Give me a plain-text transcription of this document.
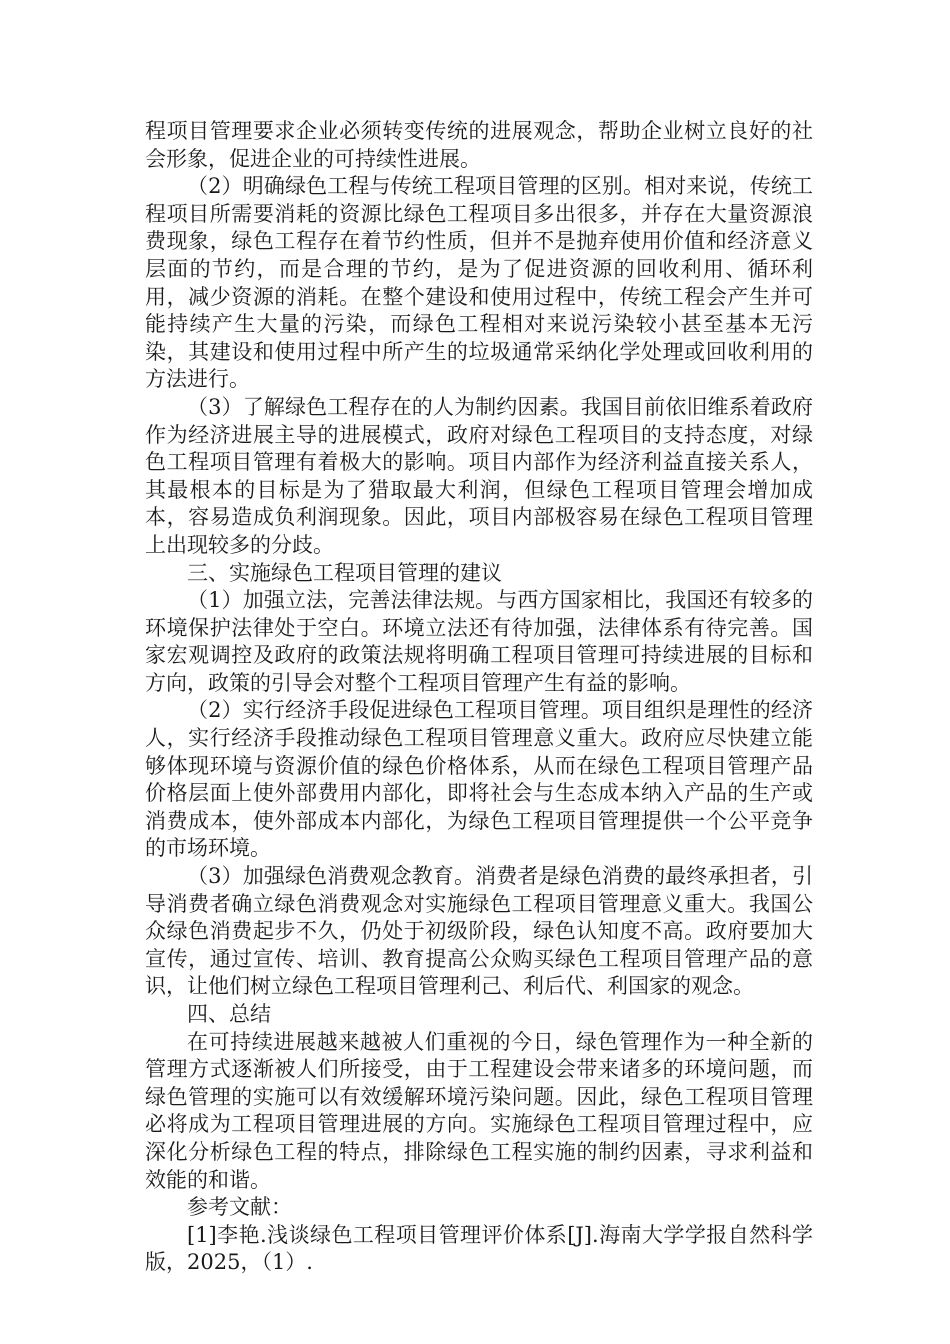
程项目管理要求企业必须转变传统的进展观念，帮助企业树立良好的社会形象，促进企业的可持续性进展。

（2）明确绿色工程与传统工程项目管理的区别。相对来说，传统工程项目所需要消耗的资源比绿色工程项目多出很多，并存在大量资源浪费现象，绿色工程存在着节约性质，但并不是抛弃使用价值和经济意义层面的节约，而是合理的节约，是为了促进资源的回收利用、循环利用，减少资源的消耗。在整个建设和使用过程中，传统工程会产生并可能持续产生大量的污染，而绿色工程相对来说污染较小甚至基本无污染，其建设和使用过程中所产生的垃圾通常采纳化学处理或回收利用的方法进行。

（3）了解绿色工程存在的人为制约因素。我国目前依旧维系着政府作为经济进展主导的进展模式，政府对绿色工程项目的支持态度，对绿色工程项目管理有着极大的影响。项目内部作为经济利益直接关系人，其最根本的目标是为了猎取最大利润，但绿色工程项目管理会增加成本，容易造成负利润现象。因此，项目内部极容易在绿色工程项目管理上出现较多的分歧。

三、实施绿色工程项目管理的建议

（1）加强立法，完善法律法规。与西方国家相比，我国还有较多的环境保护法律处于空白。环境立法还有待加强，法律体系有待完善。国家宏观调控及政府的政策法规将明确工程项目管理可持续进展的目标和方向，政策的引导会对整个工程项目管理产生有益的影响。

（2）实行经济手段促进绿色工程项目管理。项目组织是理性的经济人，实行经济手段推动绿色工程项目管理意义重大。政府应尽快建立能够体现环境与资源价值的绿色价格体系，从而在绿色工程项目管理产品价格层面上使外部费用内部化，即将社会与生态成本纳入产品的生产或消费成本，使外部成本内部化，为绿色工程项目管理提供一个公平竞争的市场环境。

（3）加强绿色消费观念教育。消费者是绿色消费的最终承担者，引导消费者确立绿色消费观念对实施绿色工程项目管理意义重大。我国公众绿色消费起步不久，仍处于初级阶段，绿色认知度不高。政府要加大宣传，通过宣传、培训、教育提高公众购买绿色工程项目管理产品的意识，让他们树立绿色工程项目管理利己、利后代、利国家的观念。

四、总结

在可持续进展越来越被人们重视的今日，绿色管理作为一种全新的管理方式逐渐被人们所接受，由于工程建设会带来诸多的环境问题，而绿色管理的实施可以有效缓解环境污染问题。因此，绿色工程项目管理必将成为工程项目管理进展的方向。实施绿色工程项目管理过程中，应深化分析绿色工程的特点，排除绿色工程实施的制约因素，寻求利益和效能的和谐。

参考文献：

[1]李艳.浅谈绿色工程项目管理评价体系[J].海南大学学报自然科学版，2025，（1）.
